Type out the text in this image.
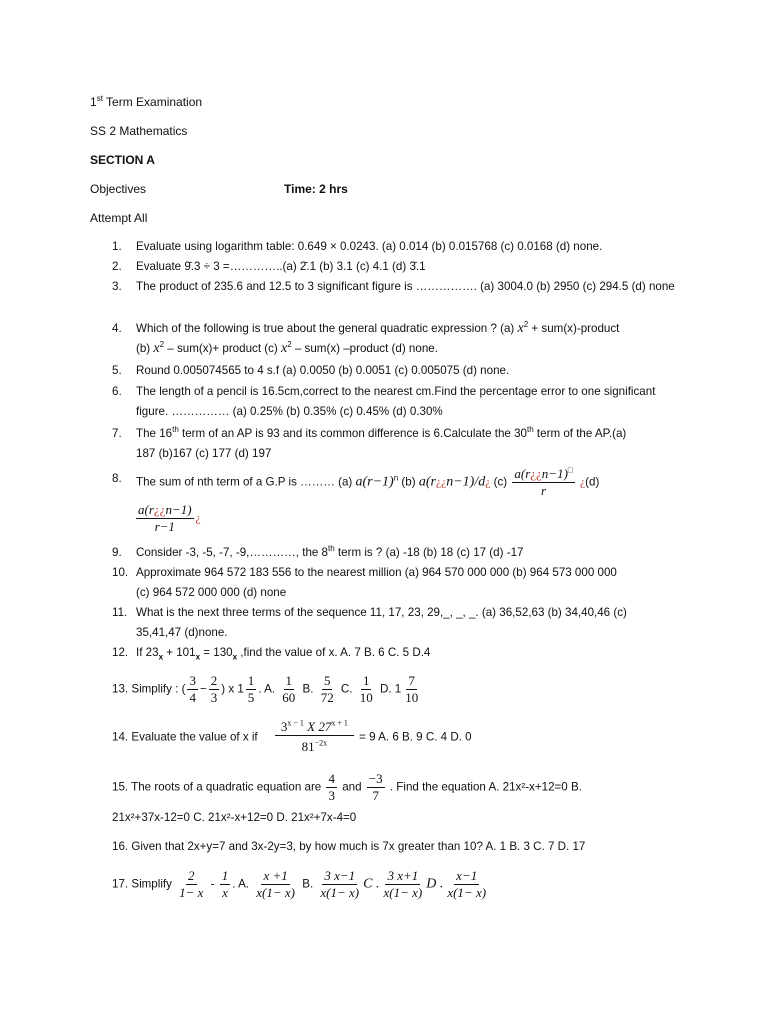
1st Term Examination
SS 2 Mathematics
SECTION A
Objectives	Time: 2 hrs
Attempt All
1.	Evaluate using logarithm table: 0.649 × 0.0243. (a) 0.014 (b) 0.015768 (c) 0.0168 (d) none.
2.	Evaluate 9̄.3 ÷ 3 =…………..(a) 2̄.1 (b) 3.1 (c) 4.1 (d) 3̄.1
3.	The product of 235.6 and 12.5 to 3 significant figure is ……………. (a) 3004.0 (b) 2950 (c) 294.5 (d) none
4.	Which of the following is true about the general quadratic expression ? (a) $x^2$ + sum(x)-product
(b) $x^2 - sum(x)+$ product (c) $x^2 - sum(x)$ –product (d) none.
5.	Round 0.005074565 to 4 s.f (a) 0.0050 (b) 0.0051 (c) 0.005075 (d) none.
6.	The length of a pencil is 16.5cm,correct to the nearest cm.Find the percentage error to one significant figure. …………… (a) 0.25% (b) 0.35% (c) 0.45% (d) 0.30%
7.	The 16th term of an AP is 93 and its common difference is 6.Calculate the 30th term of the AP.(a)
187 (b)167 (c) 177 (d) 197
8. The sum of nth term of a G.P is ……… (a) $a(r-1)^n$ (b) a(r¿¿n−1)/d¿ $(c) \frac{a(r¿¿n-1)^□}{r}$ ¿(d)
$\frac{a(r¿¿n-1)}{r-1}$ ¿
9.	Consider -3, -5, -7, -9,…………, the 8th term is ? (a) -18 (b) 18 (c) 17 (d) -17
10. Approximate 964 572 183 556 to the nearest million (a) 964 570 000 000 (b) 964 573 000 000
(c) 964 572 000 000 (d) none
11. What is the next three terms of the sequence 11, 17, 23, 29,_, _, _. (a) 36,52,63 (b) 34,40,46 (c)
35,41,47 (d)none.
12. If $23_x + 101_x = 130_x$ ,find the value of x. A. 7 B. 6 C. 5 D.4
13. Simplify : ( $\frac{3}{4} - \frac{2}{3}$ ) x $1 \frac{1}{5}$ . A. $\frac{1}{60} B$. $\frac{5}{72} C$. $\frac{1}{10} D$. $1 \frac{7}{10}$
14. Evaluate the value of x if $\frac{3^{x - 1} X 27^{x + 1}}{81^{-2x}} = 9$ A. 6 B. 9 C. 4 D. 0
15. The roots of a quadratic equation are $\frac{4}{3}$ and $\frac{-3}{7}$ . Find the equation A. 21x²-x+12=0 B.
21x²+37x-12=0 C. 21x²-x+12=0 D. 21x²+7x-4=0
16. Given that 2x+y=7 and 3x-2y=3, by how much is 7x greater than 10? A. 1 B. 3 C. 7 D. 17
17. Simplify $\frac{2}{1- x} - \frac{1}{x}$ . A. $\frac{x +1}{x(1- x)} B$. $\frac{3 x-1}{x(1- x)}$ C . $\frac{3 x+1}{x(1- x)}$ D . $\frac{x-1}{x(1- x)}$
